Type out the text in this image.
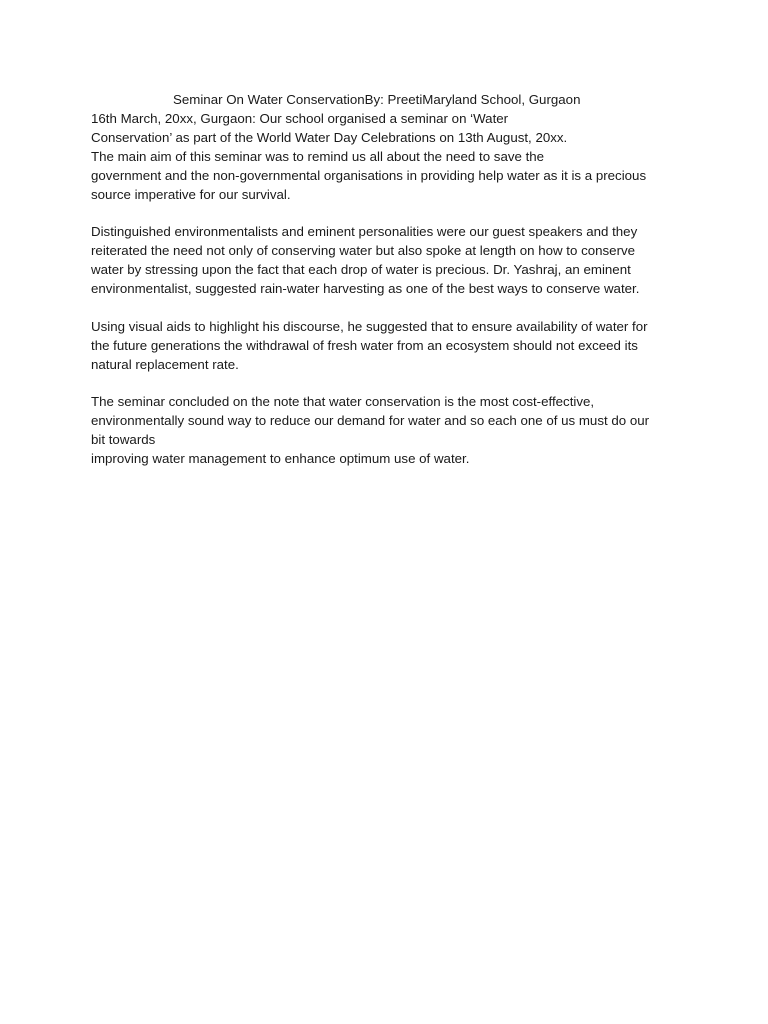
Seminar On Water ConservationBy: PreetiMaryland School, Gurgaon
16th March, 20xx, Gurgaon: Our school organised a seminar on ‘Water
Conservation’ as part of the World Water Day Celebrations on 13th August, 20xx.
The main aim of this seminar was to remind us all about the need to save the
government and the non-governmental organisations in providing help water as it is a precious
source imperative for our survival.
Distinguished environmentalists and eminent personalities were our guest speakers and they
reiterated the need not only of conserving water but also spoke at length on how to conserve
water by stressing upon the fact that each drop of water is precious. Dr. Yashraj, an eminent
environmentalist, suggested rain-water harvesting as one of the best ways to conserve water.
Using visual aids to highlight his discourse, he suggested that to ensure availability of water for
the future generations the withdrawal of fresh water from an ecosystem should not exceed its
natural replacement rate.
The seminar concluded on the note that water conservation is the most cost-effective,
environmentally sound way to reduce our demand for water and so each one of us must do our
bit towards
improving water management to enhance optimum use of water.
